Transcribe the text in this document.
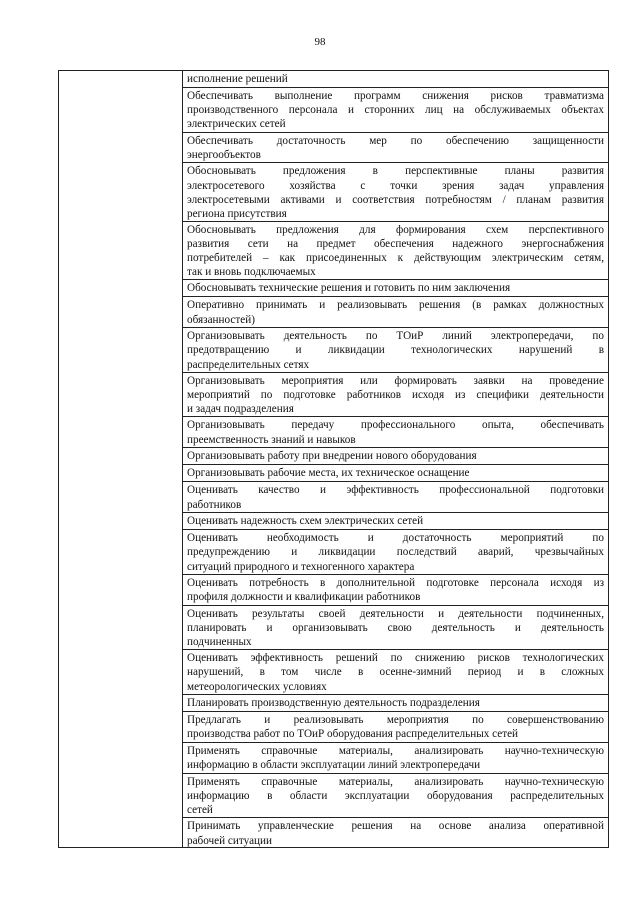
98
исполнение решений
Обеспечивать выполнение программ снижения рисков травматизма
производственного персонала и сторонних лиц на обслуживаемых объектах
электрических сетей
Обеспечивать достаточность мер по обеспечению защищенности
энергообъектов
Обосновывать предложения в перспективные планы развития
электросетевого хозяйства с точки зрения задач управления
электросетевыми активами и соответствия потребностям / планам развития
региона присутствия
Обосновывать предложения для формирования схем перспективного
развития сети на предмет обеспечения надежного энергоснабжения
потребителей – как присоединенных к действующим электрическим сетям,
так и вновь подключаемых
Обосновывать технические решения и готовить по ним заключения
Оперативно принимать и реализовывать решения (в рамках должностных
обязанностей)
Организовывать деятельность по ТОиР линий электропередачи, по
предотвращению и ликвидации технологических нарушений в
распределительных сетях
Организовывать мероприятия или формировать заявки на проведение
мероприятий по подготовке работников исходя из специфики деятельности
и задач подразделения
Организовывать передачу профессионального опыта, обеспечивать
преемственность знаний и навыков
Организовывать работу при внедрении нового оборудования
Организовывать рабочие места, их техническое оснащение
Оценивать качество и эффективность профессиональной подготовки
работников
Оценивать надежность схем электрических сетей
Оценивать необходимость и достаточность мероприятий по
предупреждению и ликвидации последствий аварий, чрезвычайных
ситуаций природного и техногенного характера
Оценивать потребность в дополнительной подготовке персонала исходя из
профиля должности и квалификации работников
Оценивать результаты своей деятельности и деятельности подчиненных,
планировать и организовывать свою деятельность и деятельность
подчиненных
Оценивать эффективность решений по снижению рисков технологических
нарушений, в том числе в осенне-зимний период и в сложных
метеорологических условиях
Планировать производственную деятельность подразделения
Предлагать и реализовывать мероприятия по совершенствованию
производства работ по ТОиР оборудования распределительных сетей
Применять справочные материалы, анализировать научно-техническую
информацию в области эксплуатации линий электропередачи
Применять справочные материалы, анализировать научно-техническую
информацию в области эксплуатации оборудования распределительных
сетей
Принимать управленческие решения на основе анализа оперативной
рабочей ситуации
